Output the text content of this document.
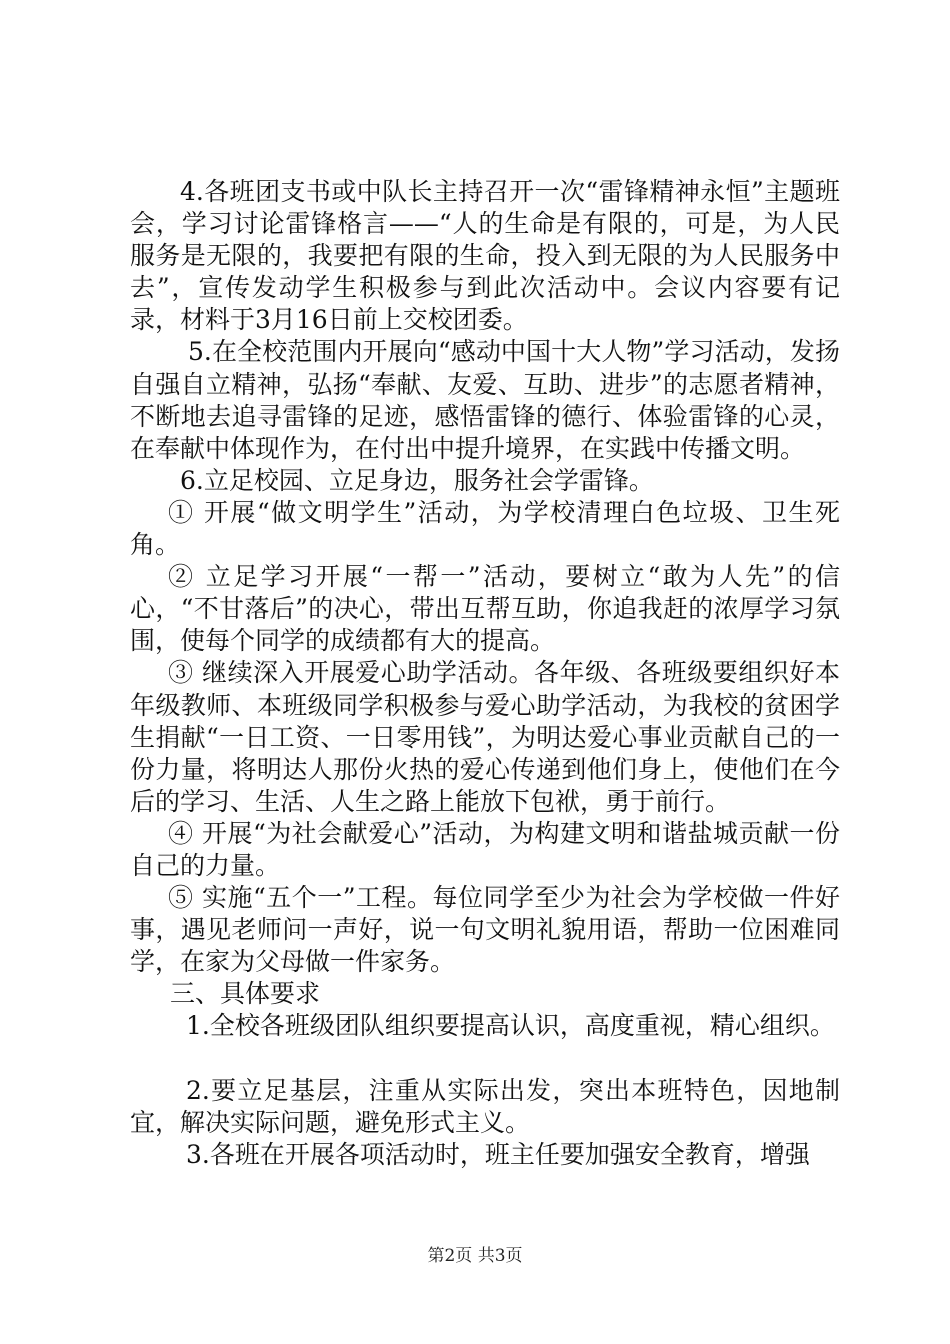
4.各班团支书或中队长主持召开一次“雷锋精神永恒”主题班会，学习讨论雷锋格言——“人的生命是有限的，可是，为人民服务是无限的，我要把有限的生命，投入到无限的为人民服务中去”，宣传发动学生积极参与到此次活动中。会议内容要有记录，材料于3月16日前上交校团委。

5.在全校范围内开展向“感动中国十大人物”学习活动，发扬自强自立精神，弘扬“奉献、友爱、互助、进步”的志愿者精神，不断地去追寻雷锋的足迹，感悟雷锋的德行、体验雷锋的心灵，在奉献中体现作为，在付出中提升境界，在实践中传播文明。

6.立足校园、立足身边，服务社会学雷锋。

① 开展“做文明学生”活动，为学校清理白色垃圾、卫生死角。

② 立足学习开展“一帮一”活动，要树立“敢为人先”的信心，“不甘落后”的决心，带出互帮互助，你追我赶的浓厚学习氛围，使每个同学的成绩都有大的提高。

③ 继续深入开展爱心助学活动。各年级、各班级要组织好本年级教师、本班级同学积极参与爱心助学活动，为我校的贫困学生捐献“一日工资、一日零用钱”，为明达爱心事业贡献自己的一份力量，将明达人那份火热的爱心传递到他们身上，使他们在今后的学习、生活、人生之路上能放下包袱，勇于前行。

④ 开展“为社会献爱心”活动，为构建文明和谐盐城贡献一份自己的力量。

⑤ 实施“五个一”工程。每位同学至少为社会为学校做一件好事，遇见老师问一声好，说一句文明礼貌用语，帮助一位困难同学，在家为父母做一件家务。

三、具体要求

1.全校各班级团队组织要提高认识，高度重视，精心组织。

2.要立足基层，注重从实际出发，突出本班特色，因地制宜，解决实际问题，避免形式主义。

3.各班在开展各项活动时，班主任要加强安全教育，增强

第2页 共3页
